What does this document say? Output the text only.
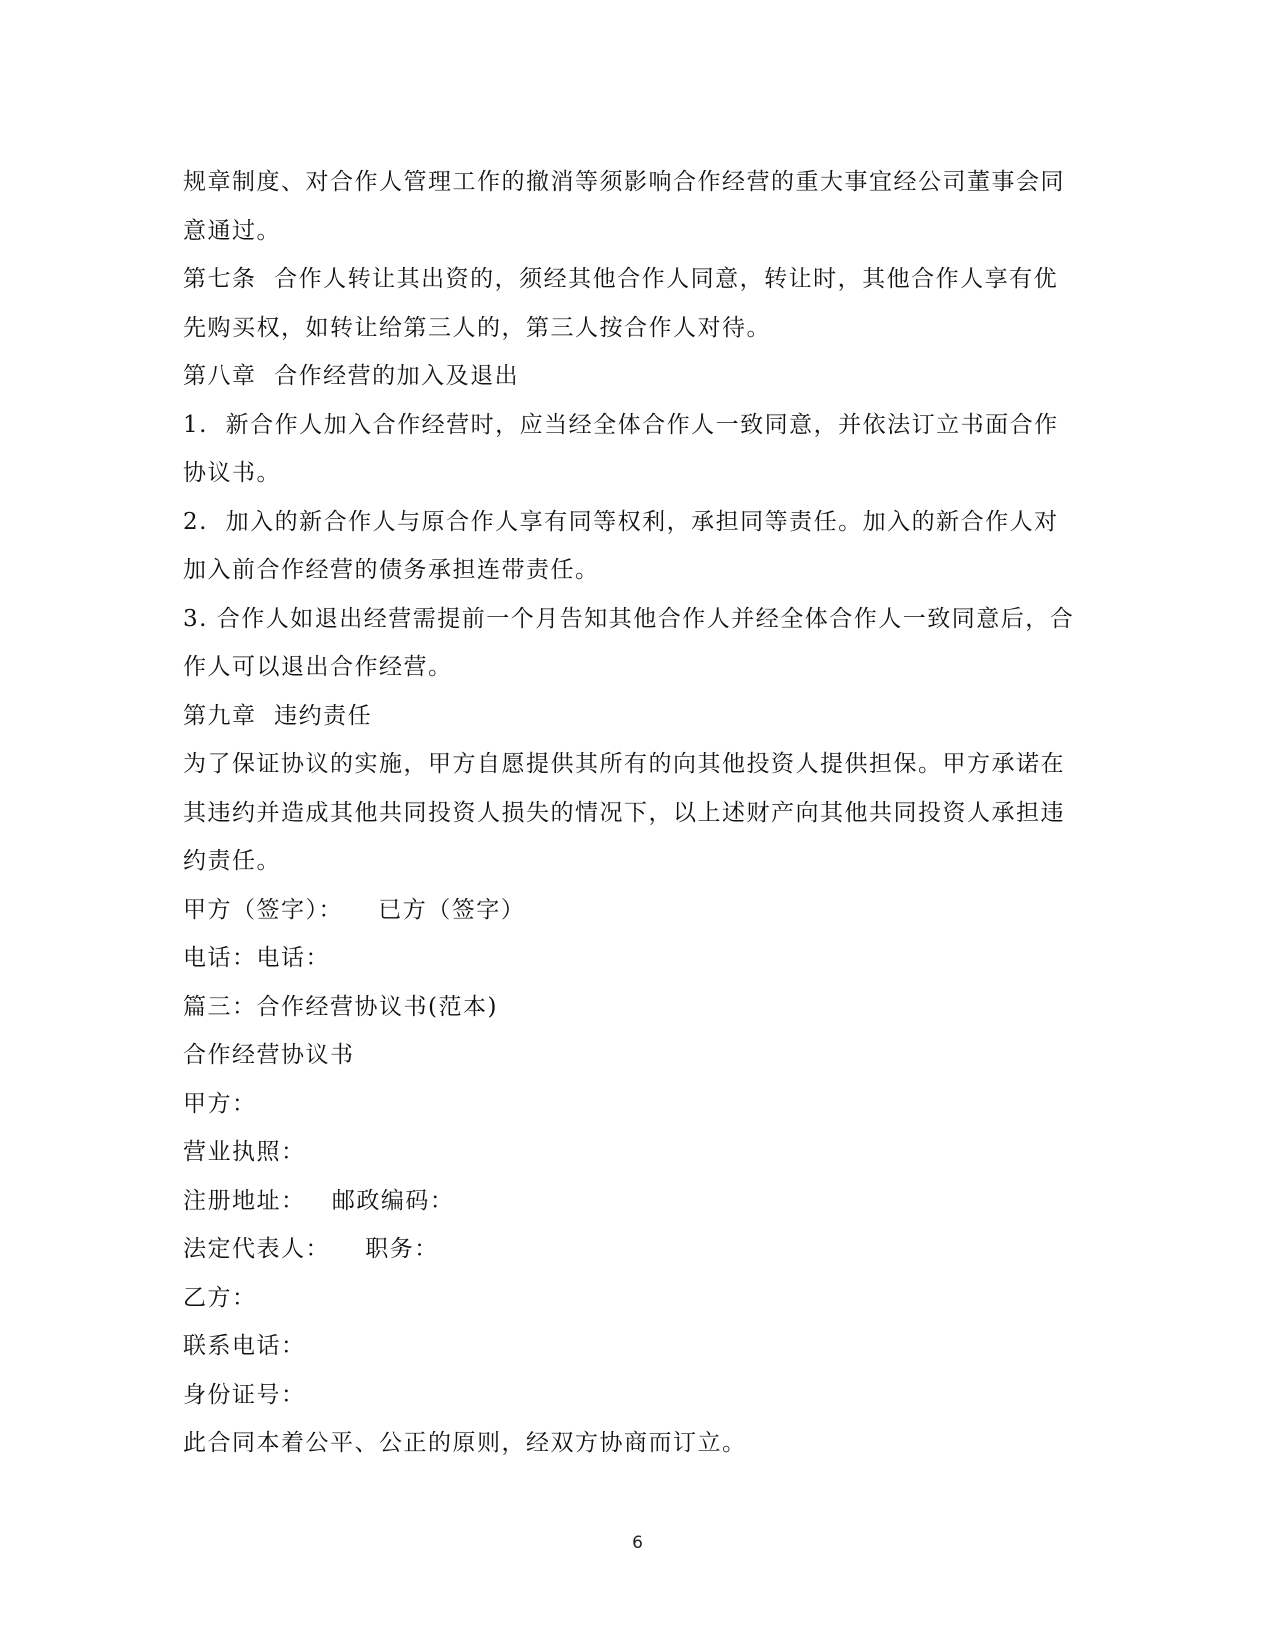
规章制度、对合作人管理工作的撤消等须影响合作经营的重大事宜经公司董事会同
意通过。
第七条  合作人转让其出资的，须经其他合作人同意，转让时，其他合作人享有优
先购买权，如转让给第三人的，第三人按合作人对待。
第八章  合作经营的加入及退出
1.  新合作人加入合作经营时，应当经全体合作人一致同意，并依法订立书面合作
协议书。
2.  加入的新合作人与原合作人享有同等权利，承担同等责任。加入的新合作人对
加入前合作经营的债务承担连带责任。
3. 合作人如退出经营需提前一个月告知其他合作人并经全体合作人一致同意后，合
作人可以退出合作经营。
第九章  违约责任
为了保证协议的实施，甲方自愿提供其所有的向其他投资人提供担保。甲方承诺在
其违约并造成其他共同投资人损失的情况下，以上述财产向其他共同投资人承担违
约责任。
甲方（签字）：    已方（签字）
电话：电话：
篇三：合作经营协议书(范本)
合作经营协议书
甲方：
营业执照：
注册地址：   邮政编码：
法定代表人：    职务：
乙方：
联系电话：
身份证号：
此合同本着公平、公正的原则，经双方协商而订立。
6
